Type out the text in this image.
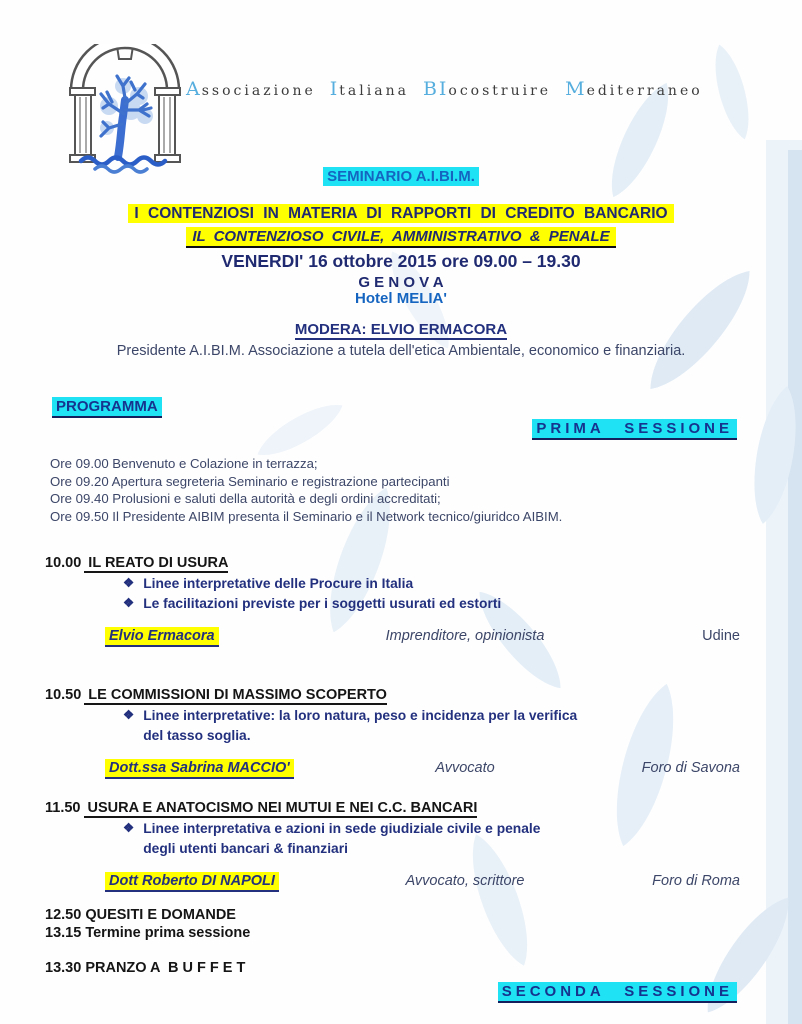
Associazione Italiana BIocostruire Mediterraneo
SEMINARIO A.I.BI.M.
I CONTENZIOSI IN MATERIA DI RAPPORTI DI CREDITO BANCARIO
IL CONTENZIOSO CIVILE, AMMINISTRATIVO & PENALE
VENERDI' 16 ottobre 2015 ore 09.00 – 19.30
G E N O V A
Hotel MELIA'
MODERA: ELVIO ERMACORA
Presidente A.I.BI.M. Associazione a tutela dell'etica Ambientale, economico e finanziaria.
PROGRAMMA
PRIMA SESSIONE
Ore 09.00 Benvenuto e Colazione in terrazza;
Ore 09.20 Apertura segreteria Seminario e registrazione partecipanti
Ore 09.40 Prolusioni e saluti della autorità e degli ordini accreditati;
Ore 09.50 Il Presidente AIBIM presenta il Seminario e il Network tecnico/giuridco AIBIM.
10.00 IL REATO DI USURA
❖ Linee interpretative delle Procure in Italia
❖ Le facilitazioni previste per i soggetti usurati ed estorti
Elvio Ermacora	Imprenditore, opinionista	Udine
10.50 LE COMMISSIONI DI MASSIMO SCOPERTO
❖ Linee interpretative: la loro natura, peso e incidenza per la verifica
del tasso soglia.
Dott.ssa Sabrina MACCIO'	Avvocato	Foro di Savona
11.50 USURA E ANATOCISMO NEI MUTUI E NEI C.C. BANCARI
❖ Linee interpretativa e azioni in sede giudiziale civile e penale
degli utenti bancari & finanziari
Dott Roberto DI NAPOLI	Avvocato, scrittore	Foro di Roma
12.50 QUESITI E DOMANDE
13.15 Termine prima sessione
13.30 PRANZO A  B U F F E T
SECONDA SESSIONE
